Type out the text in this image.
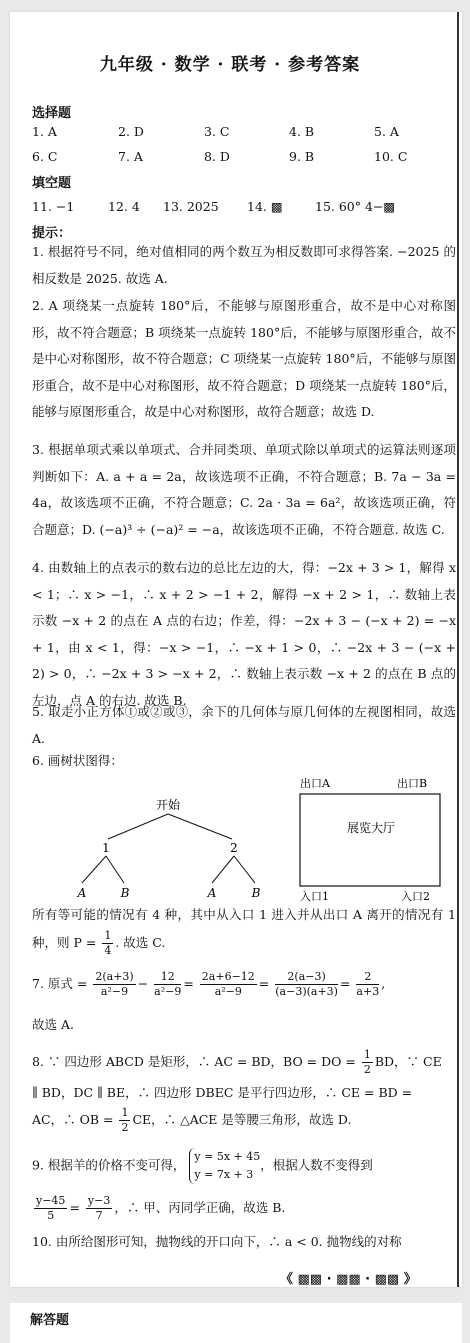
九年级 · 数学 · 联考 · 参考答案
选择题
1. A	2. D	3. C	4. B	5. A
6. C	7. A	8. D	9. B	10. C
填空题
11. −1	12. 4 13. 2025 14. ▩	15. 60° 4−▩
提示：

1. 根据符号不同，绝对值相同的两个数互为相反数即可求得答案. −2025 的相反数是 2025. 故选 A.

2. A 项绕某一点旋转 180°后，不能够与原图形重合，故不是中心对称图形，故不符合题意；B 项绕某一点旋转 180°后，不能够与原图形重合，故不是中心对称图形，故不符合题意；C 项绕某一点旋转 180°后，不能够与原图形重合，故不是中心对称图形，故不符合题意；D 项绕某一点旋转 180°后，能够与原图形重合，故是中心对称图形，故符合题意；故选 D.

3. 根据单项式乘以单项式、合并同类项、单项式除以单项式的运算法则逐项判断如下：A. a + a = 2a，故该选项不正确，不符合题意；B. 7a − 3a = 4a，故该选项不正确，不符合题意；C. 2a · 3a = 6a²，故该选项正确，符合题意；D. (−a)³ ÷ (−a)² = −a，故该选项不正确，不符合题意. 故选 C.

4. 由数轴上的点表示的数右边的总比左边的大，得：−2x + 3 > 1，解得 x < 1；∴ x > −1，∴ x + 2 > −1 + 2，解得 −x + 2 > 1，∴ 数轴上表示数 −x + 2 的点在 A 点的右边；作差，得：−2x + 3 − (−x + 2) = −x + 1，由 x < 1，得：−x > −1，∴ −x + 1 > 0，∴ −2x + 3 − (−x + 2) > 0，∴ −2x + 3 > −x + 2，∴ 数轴上表示数 −x + 2 的点在 B 点的左边，点 A 的右边. 故选 B.

5. 取走小正方体①或②或③，余下的几何体与原几何体的左视图相同，故选 A.

6. 画树状图得：

开始
1	2
A	B	A	B
出口A	出口B
展览大厅
入口1	入口2
所有等可能的情况有 4 种，其中从入口 1 进入并从出口 A 离开的情况有 1 种，则 $P = \frac{1}{4}$ . 故选 C.
7. 原式 = $\frac{2(a+3)}{\text{a²−9}} - \frac{12}{\text{a²−9}} = \frac{2a+6-12}{\text{a²−9}} = \frac{2(a-3)}{(a-3)(a+3)} = \frac{2}{a+3}$ ,
故选 A.
8. ∵ 四边形 ABCD 是矩形，∴ AC = BD，BO = DO = $\frac{1}{2}$ BD，∵ CE
∥ BD，DC ∥ BE，∴ 四边形 DBEC 是平行四边形，∴ CE = BD =
AC，∴ OB = $\frac{1}{2}$ CE，∴ △ACE 是等腰三角形，故选 D.
9. 根据羊的价格不变可得，
y = 5x + 45
y = 7x + 3
，根据人数不变得到
$\frac{y-45}{5} = \frac{y-3}{7}$ ，∴ 甲、丙同学正确，故选 B.
10. 由所给图形可知，抛物线的开口向下，∴ a < 0. 抛物线的对称
《 ▩▩ · ▩▩ · ▩▩ 》
解答题
